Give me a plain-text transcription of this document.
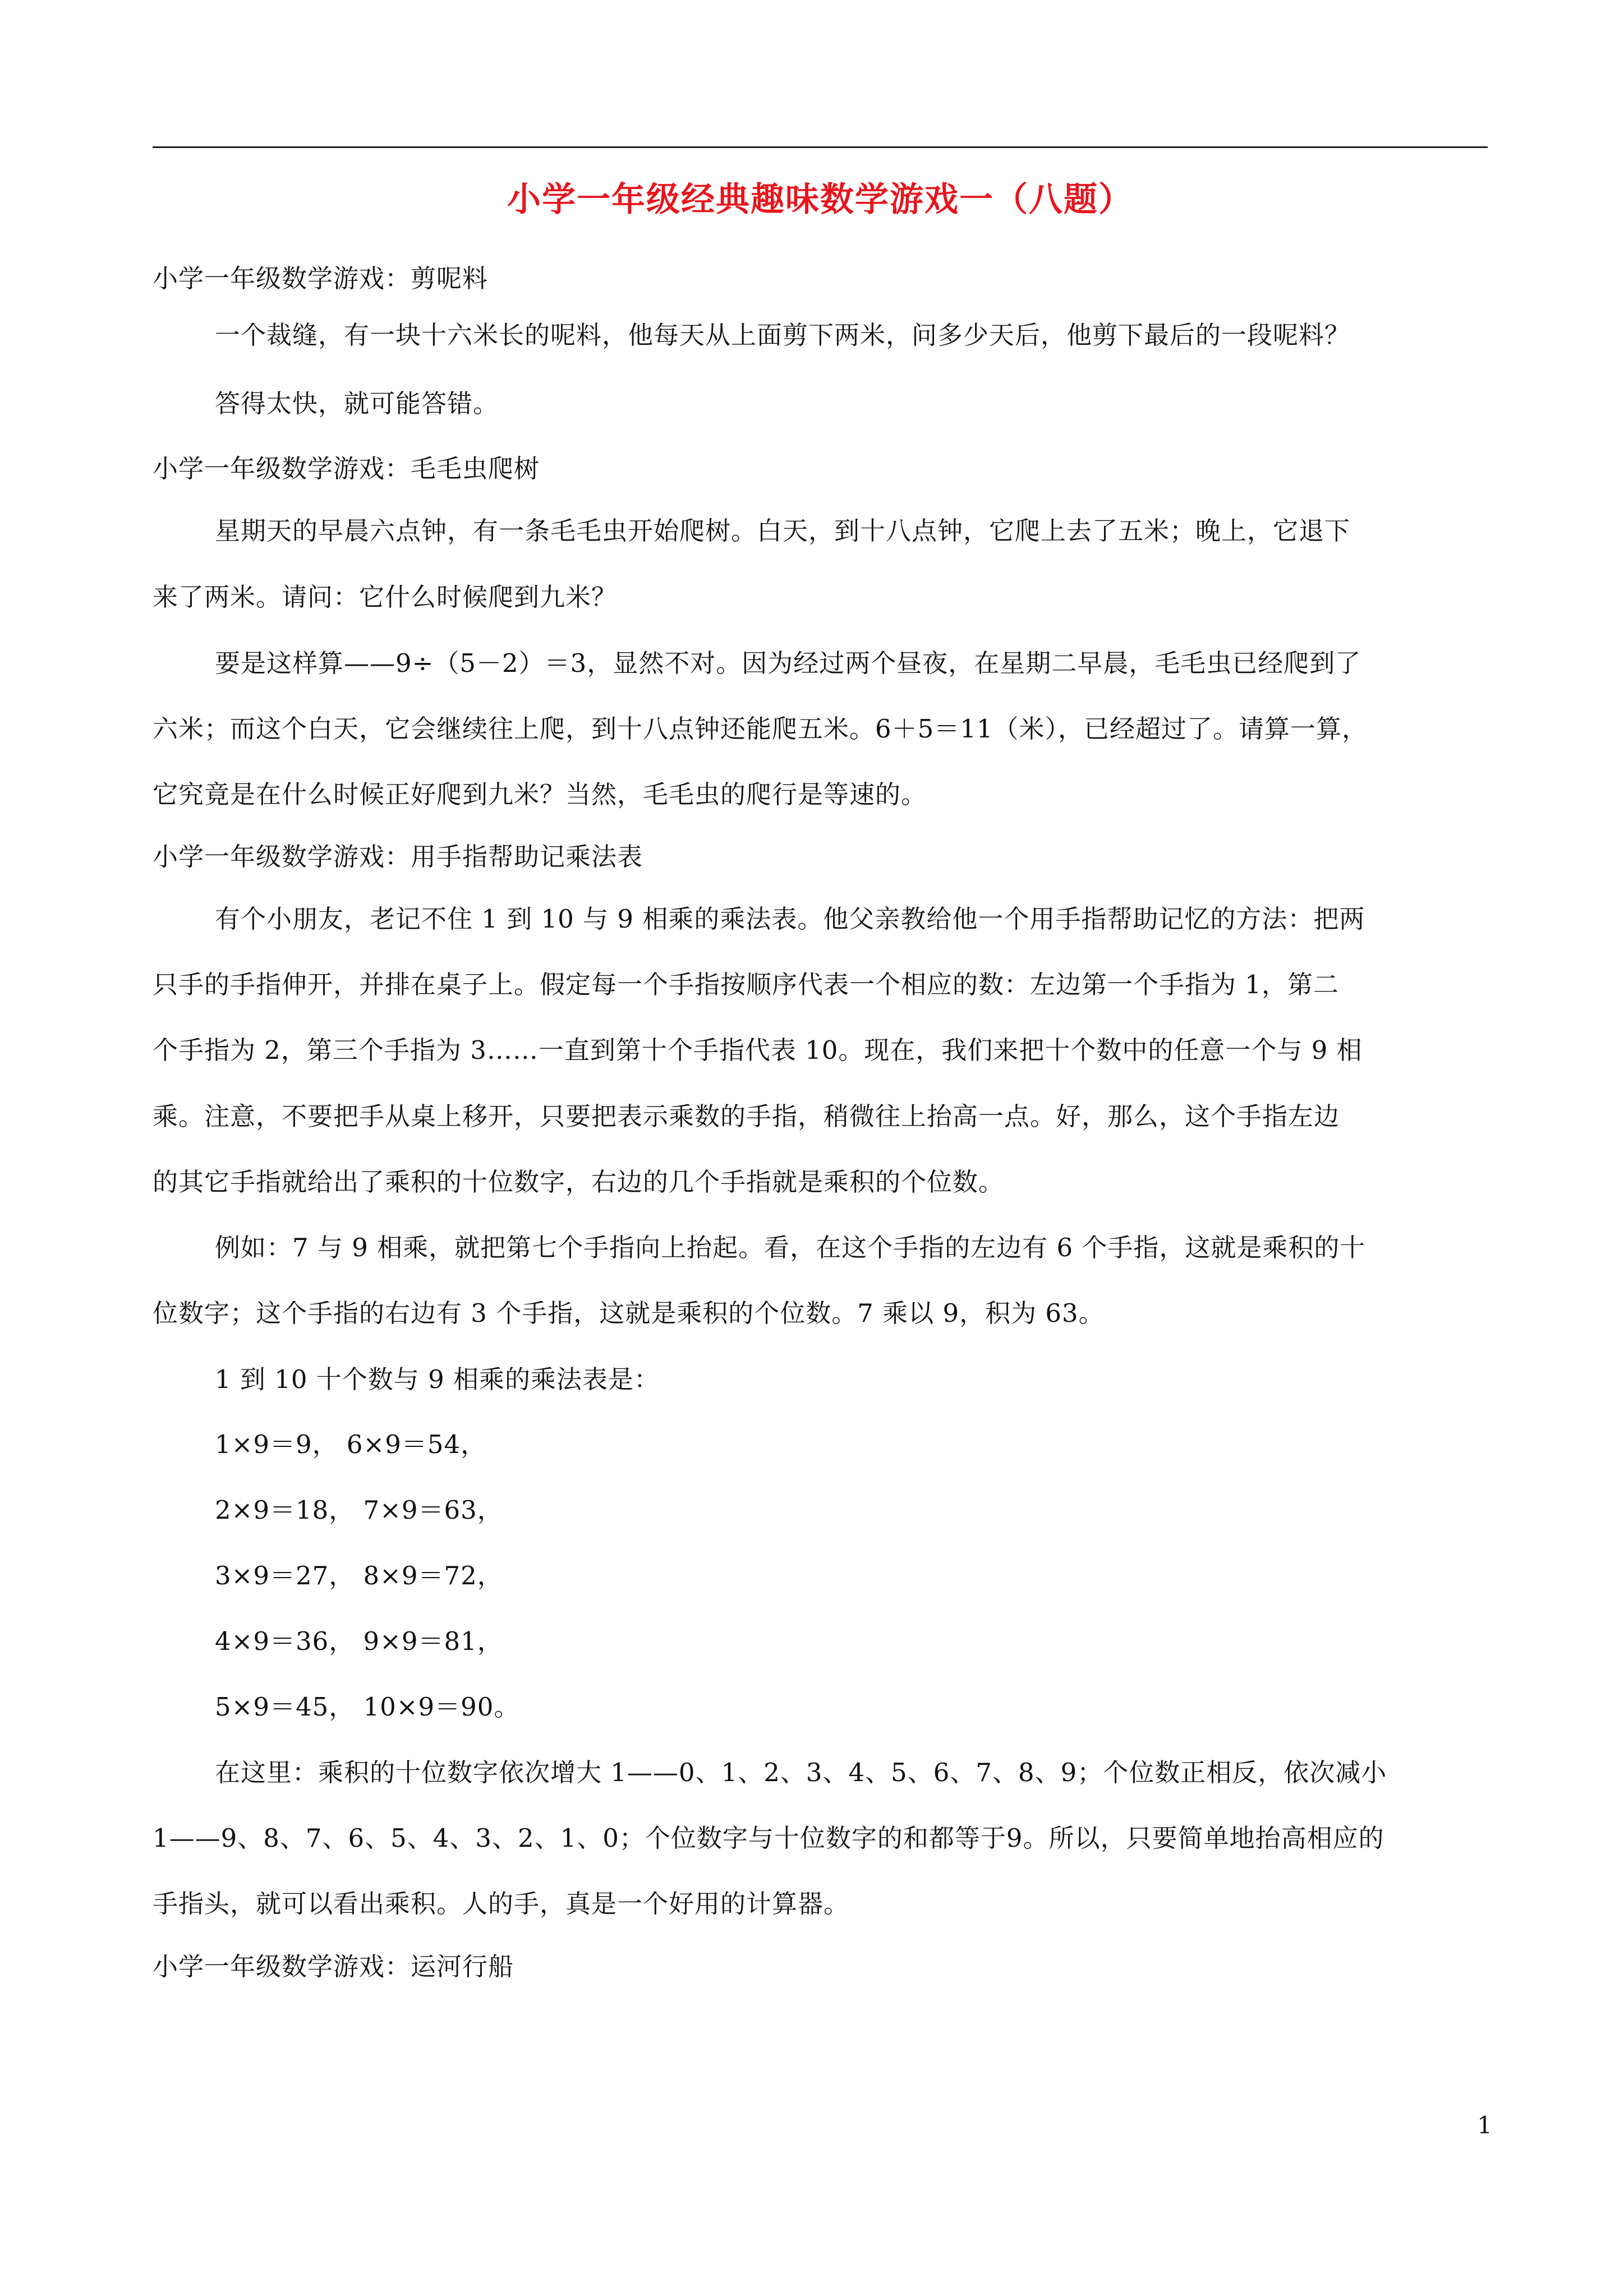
小学一年级经典趣味数学游戏一（八题）
小学一年级数学游戏：剪呢料
一个裁缝，有一块十六米长的呢料，他每天从上面剪下两米，问多少天后，他剪下最后的一段呢料？
答得太快，就可能答错。
小学一年级数学游戏：毛毛虫爬树
星期天的早晨六点钟，有一条毛毛虫开始爬树。白天，到十八点钟，它爬上去了五米；晚上，它退下
来了两米。请问：它什么时候爬到九米？
要是这样算——9÷（5－2）＝3，显然不对。因为经过两个昼夜，在星期二早晨，毛毛虫已经爬到了
六米；而这个白天，它会继续往上爬，到十八点钟还能爬五米。6＋5＝11（米），已经超过了。请算一算，
它究竟是在什么时候正好爬到九米？当然，毛毛虫的爬行是等速的。
小学一年级数学游戏：用手指帮助记乘法表
有个小朋友，老记不住 1 到 10 与 9 相乘的乘法表。他父亲教给他一个用手指帮助记忆的方法：把两
只手的手指伸开，并排在桌子上。假定每一个手指按顺序代表一个相应的数：左边第一个手指为 1，第二
个手指为 2，第三个手指为 3……一直到第十个手指代表 10。现在，我们来把十个数中的任意一个与 9 相
乘。注意，不要把手从桌上移开，只要把表示乘数的手指，稍微往上抬高一点。好，那么，这个手指左边
的其它手指就给出了乘积的十位数字，右边的几个手指就是乘积的个位数。
例如：7 与 9 相乘，就把第七个手指向上抬起。看，在这个手指的左边有 6 个手指，这就是乘积的十
位数字；这个手指的右边有 3 个手指，这就是乘积的个位数。7 乘以 9，积为 63。
1 到 10 十个数与 9 相乘的乘法表是：
1×9＝9， 6×9＝54，
2×9＝18， 7×9＝63，
3×9＝27， 8×9＝72，
4×9＝36， 9×9＝81，
5×9＝45， 10×9＝90。
在这里：乘积的十位数字依次增大 1——0、1、2、3、4、5、6、7、8、9；个位数正相反，依次减小
1——9、8、7、6、5、4、3、2、1、0；个位数字与十位数字的和都等于9。所以，只要简单地抬高相应的
手指头，就可以看出乘积。人的手，真是一个好用的计算器。
小学一年级数学游戏：运河行船
1
